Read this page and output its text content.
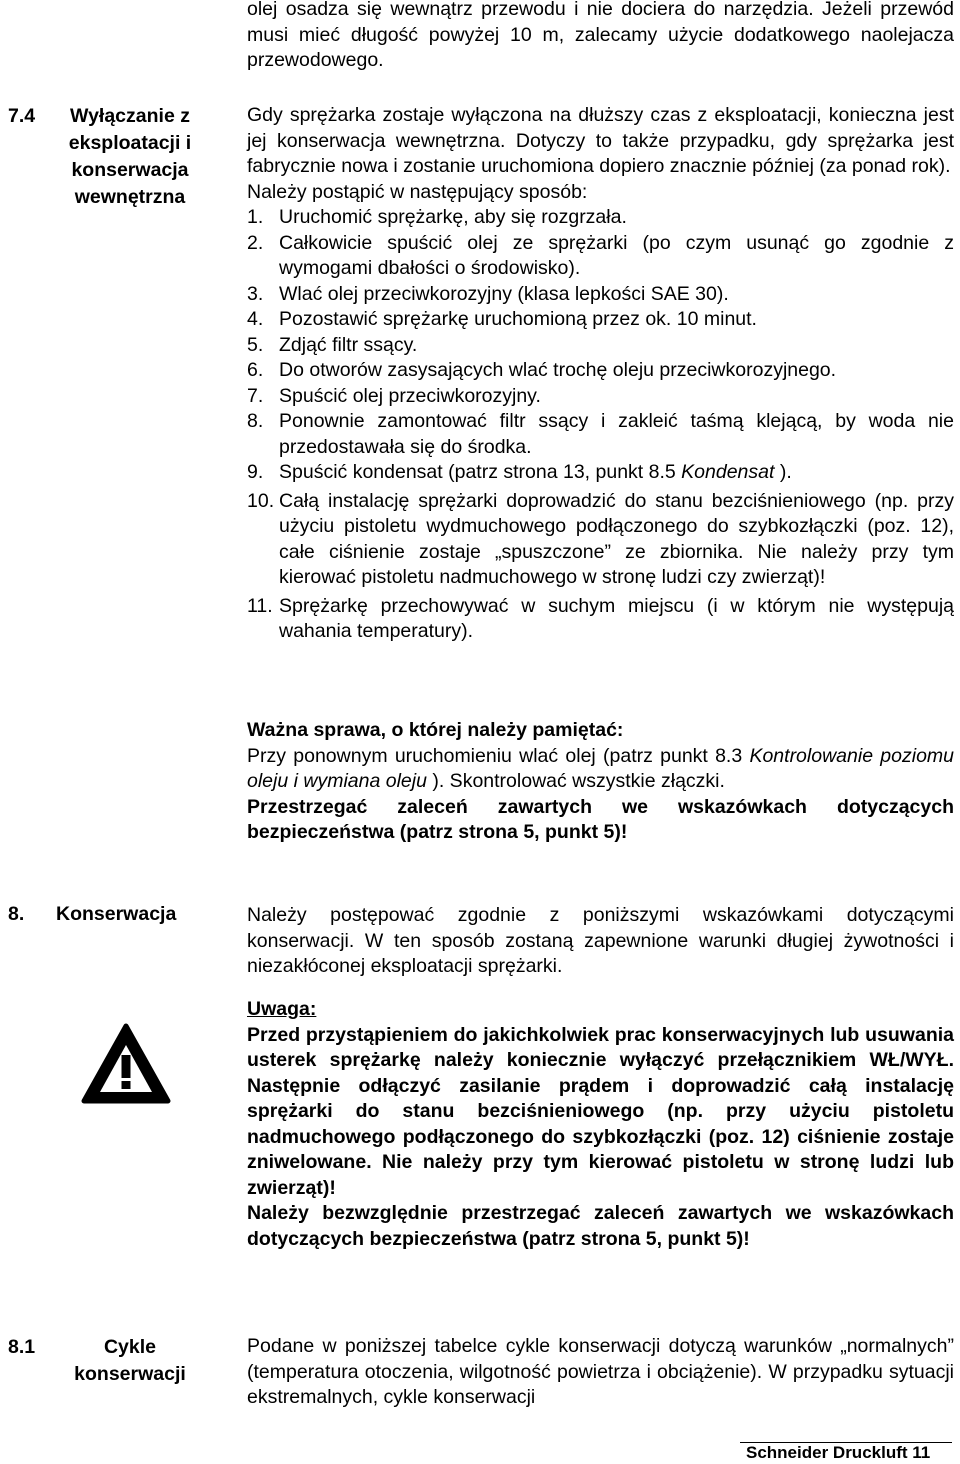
olej osadza się wewnątrz przewodu i nie dociera do narzędzia. Jeżeli przewód musi mieć długość powyżej 10 m, zalecamy użycie dodatkowego naolejacza przewodowego.
7.4	Wyłączanie z
eksploatacji i
konserwacja
wewnętrzna
Gdy sprężarka zostaje wyłączona na dłuższy czas z eksploatacji, konieczna jest jej konserwacja wewnętrzna. Dotyczy to także przypadku, gdy sprężarka jest fabrycznie nowa i zostanie uruchomiona dopiero znacznie później (za ponad rok).
Należy postąpić w następujący sposób:
1. Uruchomić sprężarkę, aby się rozgrzała.
2. Całkowicie spuścić olej ze sprężarki (po czym usunąć go zgodnie z wymogami dbałości o środowisko).
3. Wlać olej przeciwkorozyjny (klasa lepkości SAE 30).
4. Pozostawić sprężarkę uruchomioną przez ok. 10 minut.
5. Zdjąć filtr ssący.
6. Do otworów zasysających wlać trochę oleju przeciwkorozyjnego.
7. Spuścić olej przeciwkorozyjny.
8. Ponownie zamontować filtr ssący i zakleić taśmą klejącą, by woda nie przedostawała się do środka.
9. Spuścić kondensat (patrz strona 13, punkt 8.5 Kondensat ).
10. Całą instalację sprężarki doprowadzić do stanu bezciśnieniowego (np. przy użyciu pistoletu wydmuchowego podłączonego do szybkozłączki (poz. 12), całe ciśnienie zostaje „spuszczone” ze zbiornika. Nie należy przy tym kierować pistoletu nadmuchowego w stronę ludzi czy zwierząt)!
11. Sprężarkę przechowywać w suchym miejscu (i w którym nie występują wahania temperatury).
Ważna sprawa, o której należy pamiętać:
Przy ponownym uruchomieniu wlać olej (patrz punkt 8.3 Kontrolowanie poziomu oleju i wymiana oleju ). Skontrolować wszystkie złączki.
Przestrzegać zaleceń zawartych we wskazówkach dotyczących bezpieczeństwa (patrz strona 5, punkt 5)!
8. Konserwacja	Należy postępować zgodnie z poniższymi wskazówkami dotyczącymi konserwacji. W ten sposób zostaną zapewnione warunki długiej żywotności i niezakłóconej eksploatacji sprężarki.
Uwaga:
Przed przystąpieniem do jakichkolwiek prac konserwacyjnych lub usuwania usterek sprężarkę należy koniecznie wyłączyć przełącznikiem WŁ/WYŁ. Następnie odłączyć zasilanie prądem i doprowadzić całą instalację sprężarki do stanu bezciśnieniowego (np. przy użyciu pistoletu nadmuchowego podłączonego do szybkozłączki (poz. 12) ciśnienie zostaje zniwelowane. Nie należy przy tym kierować pistoletu w stronę ludzi lub zwierząt)!
Należy bezwzględnie przestrzegać zaleceń zawartych we wskazówkach dotyczących bezpieczeństwa (patrz strona 5, punkt 5)!
8.1	Cykle
konserwacji
Podane w poniższej tabelce cykle konserwacji dotyczą warunków „normalnych” (temperatura otoczenia, wilgotność powietrza i obciążenie). W przypadku sytuacji ekstremalnych, cykle konserwacji
Schneider Druckluft 11
